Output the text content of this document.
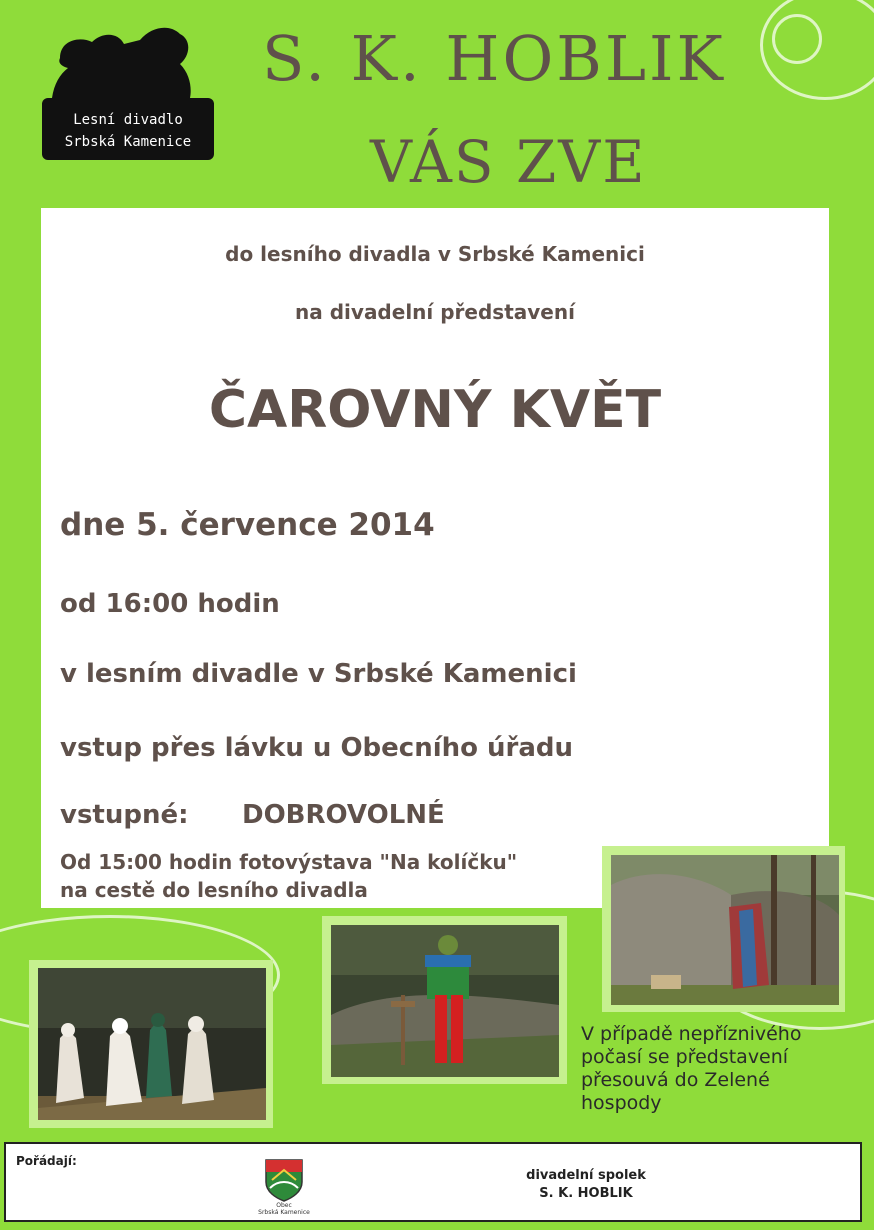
Lesní divadlo
Srbská Kamenice
S. K. HOBLIK
VÁS ZVE
do lesního divadla v Srbské Kamenici
na divadelní představení
ČAROVNÝ KVĚT
dne 5. července 2014
od 16:00 hodin
v lesním divadle v Srbské Kamenici
vstup přes lávku u Obecního úřadu
vstupné: DOBROVOLNÉ
Od 15:00 hodin fotovýstava "Na kolíčku"
na cestě do lesního divadla
V případě nepříznivého počasí se představení přesouvá do Zelené hospody
Pořádají:
Obec
Srbská Kamenice
divadelní spolek
S. K. HOBLIK
